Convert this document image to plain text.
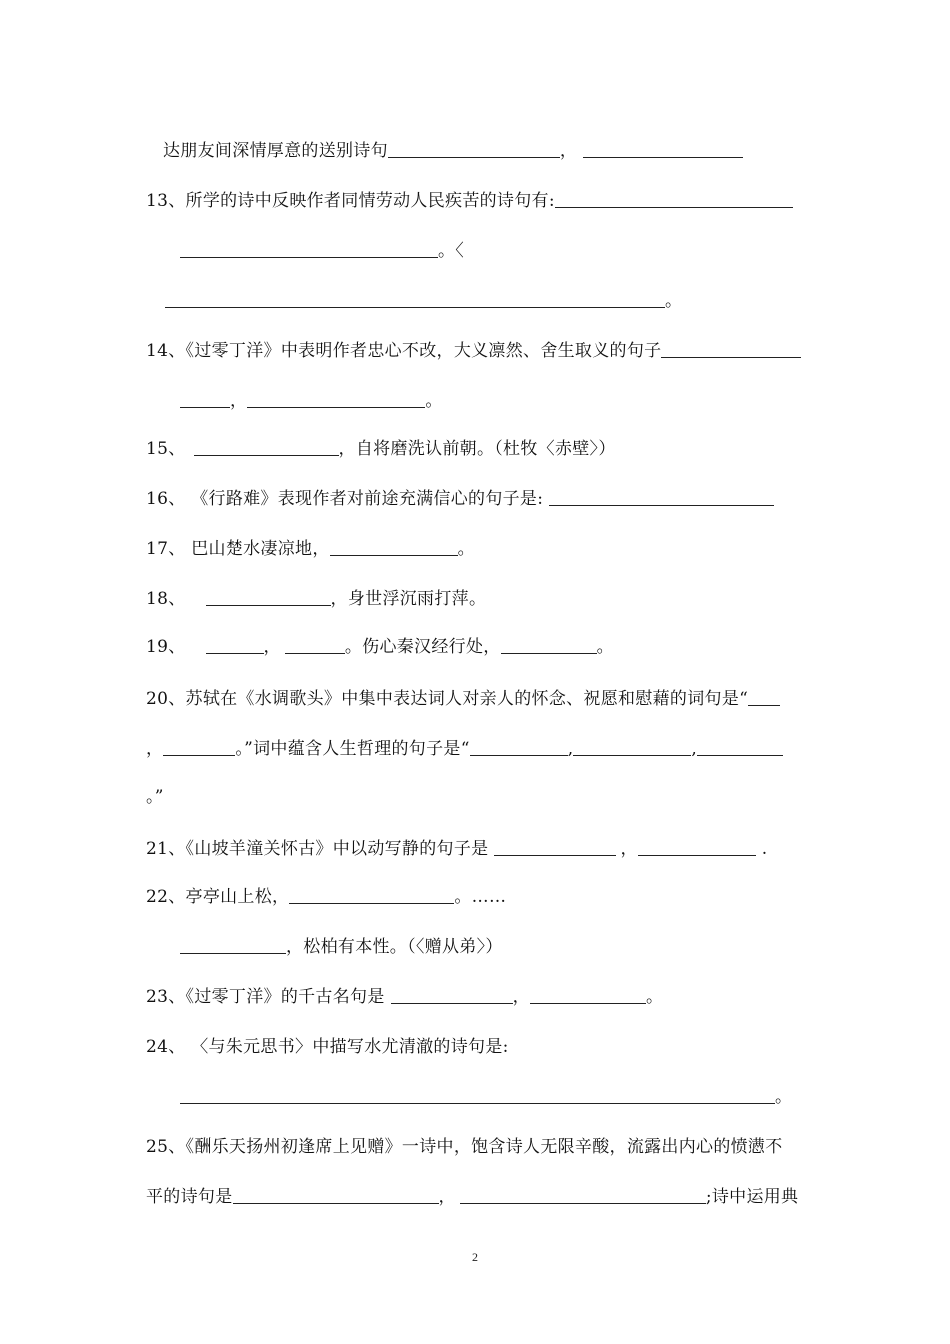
达朋友间深情厚意的送别诗句	，
13、所学的诗中反映作者同情劳动人民疾苦的诗句有:
。〈
。
14、《过零丁洋》中表明作者忠心不改，大义凛然、舍生取义的句子
，	。
15、	，自将磨洗认前朝。（杜牧〈赤壁〉）
16、 《行路难》表现作者对前途充满信心的句子是:
17、 巴山楚水凄凉地，	。
18、	，身世浮沉雨打萍。
19、	，	。伤心秦汉经行处，	。
20、苏轼在《水调歌头》中集中表达词人对亲人的怀念、祝愿和慰藉的词句是“
，	。”词中蕴含人生哲理的句子是“	,	,
。”
21、《山坡羊潼关怀古》中以动写静的句子是	，	.
22、亭亭山上松，	。……
，松柏有本性。（〈赠从弟〉）
23、《过零丁洋》的千古名句是	，	。
24、 〈与朱元思书〉中描写水尤清澈的诗句是:
。
25、《酬乐天扬州初逢席上见赠》一诗中，饱含诗人无限辛酸，流露出内心的愤懑不
平的诗句是	，	;诗中运用典
2
